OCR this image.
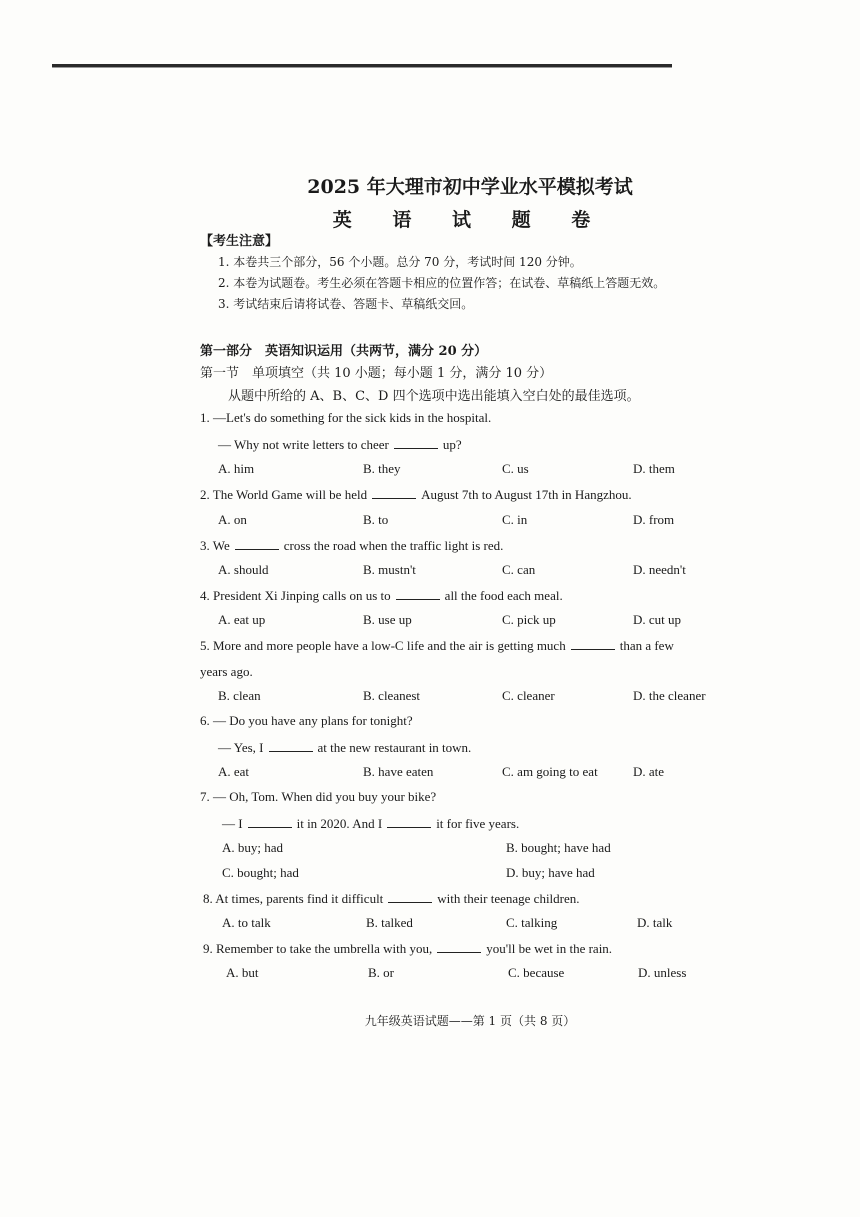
2025 年大理市初中学业水平模拟考试
英 语 试 题 卷
【考生注意】
1. 本卷共三个部分，56 个小题。总分 70 分，考试时间 120 分钟。
2. 本卷为试题卷。考生必须在答题卡相应的位置作答；在试卷、草稿纸上答题无效。
3. 考试结束后请将试卷、答题卡、草稿纸交回。
第一部分　英语知识运用（共两节，满分 20 分）
第一节　单项填空（共 10 小题；每小题 1 分，满分 10 分）
从题中所给的 A、B、C、D 四个选项中选出能填入空白处的最佳选项。
1. —Let's do something for the sick kids in the hospital.
— Why not write letters to cheer	up?
A. him	B. they	C. us	D. them
2. The World Game will be held	August 7th to August 17th in Hangzhou.
A. on	B. to	C. in	D. from
3. We	cross the road when the traffic light is red.
A. should	B. mustn't	C. can	D. needn't
4. President Xi Jinping calls on us to	all the food each meal.
A. eat up	B. use up	C. pick up	D. cut up
5. More and more people have a low-C life and the air is getting much	than a few
years ago.
B. clean	B. cleanest	C. cleaner	D. the cleaner
6. — Do you have any plans for tonight?
— Yes, I	at the new restaurant in town.
A. eat	B. have eaten	C. am going to eat	D. ate
7. — Oh, Tom. When did you buy your bike?
— I	it in 2020. And I	it for five years.
A. buy; had	B. bought; have had
C. bought; had	D. buy; have had
8. At times, parents find it difficult	with their teenage children.
A. to talk	B. talked	C. talking	D. talk
9. Remember to take the umbrella with you,	you'll be wet in the rain.
A. but	B. or	C. because	D. unless
九年级英语试题——第 1 页（共 8 页）
